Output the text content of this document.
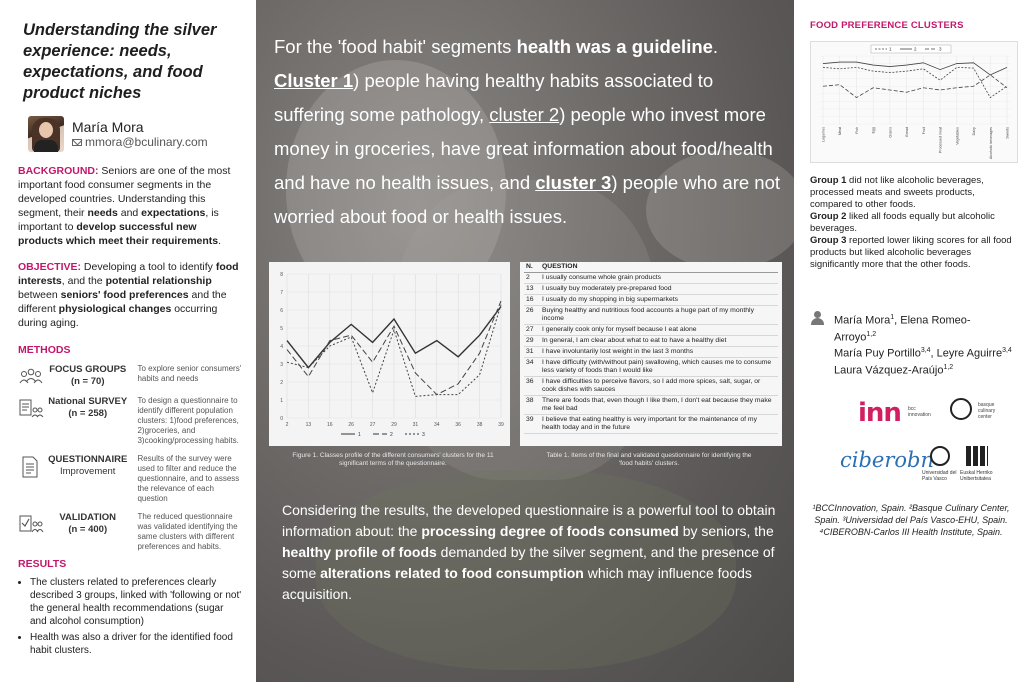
Understanding the silver experience: needs, expectations, and food product niches
María Mora
mmora@bculinary.com

BACKGROUND: Seniors are one of the most important food consumer segments in the developed countries. Understanding this segment, their needs and expectations, is important to develop successful new products which meet their requirements.

OBJECTIVE: Developing a tool to identify food interests, and the potential relationship between seniors' food preferences and the different physiological changes occurring during aging.

METHODS
FOCUS GROUPS
(n = 70)
To explore senior consumers' habits and needs
National SURVEY
(n = 258)
To design a questionnaire to identify different population clusters: 1)food preferences, 2)groceries, and 3)cooking/processing habits.
QUESTIONNAIRE
Improvement
Results of the survey were used to filter and reduce the questionnaire, and to assess the relevance of each question
VALIDATION
(n = 400)
The reduced questionnaire was validated identifying the same clusters with different preferences and habits.
RESULTS
• The clusters related to preferences clearly described 3 groups, linked with 'following or not' the general health recommendations (sugar and alcohol consumption)
• Health was also a driver for the identified food habit clusters.
For the 'food habit' segments health was a guideline. Cluster 1) people having healthy habits associated to suffering some pathology, cluster 2) people who invest more money in groceries, have great information about food/health and have no health issues, and cluster 3) people who are not worried about food or health issues.
0
1
2
3
4
5
6
7
8
2	13	16	26	27	29	31	34	36	38	39
1	2	3
N.	QUESTION
2	I usually consume whole grain products
13	I usually buy moderately pre-prepared food
16	I usually do my shopping in big supermarkets
26	Buying healthy and nutritious food accounts a huge part of my monthly income
27	I generally cook only for myself because I eat alone
29	In general, I am clear about what to eat to have a healthy diet
31	I have involuntarily lost weight in the last 3 months
34	I have difficulty (with/without pain) swallowing, which causes me to consume less variety of foods than I would like
36	I have difficulties to perceive flavors, so I add more spices, salt, sugar, or cook dishes with sauces
38	There are foods that, even though I like them, I don't eat because they make me feel bad
39	I believe that eating healthy is very important for the maintenance of my health today and in the future
Figure 1. Classes profile of the different consumers' clusters for the 11 significant terms of the questionnaire.
Table 1. Items of the final and validated questionnaire for identifying the 'food habits' clusters.
Considering the results, the developed questionnaire is a powerful tool to obtain information about: the processing degree of foods consumed by seniors, the healthy profile of foods demanded by the silver segment, and the presence of some alterations related to food consumption which may influence foods acquisition.
FOOD PREFERENCE CLUSTERS
Legumes	Meat	Fish	Egg	Grains	Bread	Fruit	Processed meat	Vegetables	Dairy	Alcoholic beverages	Sweets
1	2	3
Group 1 did not like alcoholic beverages, processed meats and sweets products, compared to other foods.
Group 2 liked all foods equally but alcoholic beverages.
Group 3 reported lower liking scores for all food products but liked alcoholic beverages significantly more that the other foods.
María Mora$^1$, Elena Romeo-Arroyo$^{1,2}$
María Puy Portillo$^{3,4}$, Leyre Aguirre$^{3,4}$
Laura Vázquez-Araújo$^{1,2}$
inn bcc innovation
basque culinary center
ciberobn
Universidad del País Vasco
Euskal Herriko Unibertsitatea
¹BCCInnovation, Spain. ²Basque Culinary Center, Spain. ³Universidad del País Vasco-EHU, Spain. ⁴CIBEROBN-Carlos III Health Institute, Spain.
